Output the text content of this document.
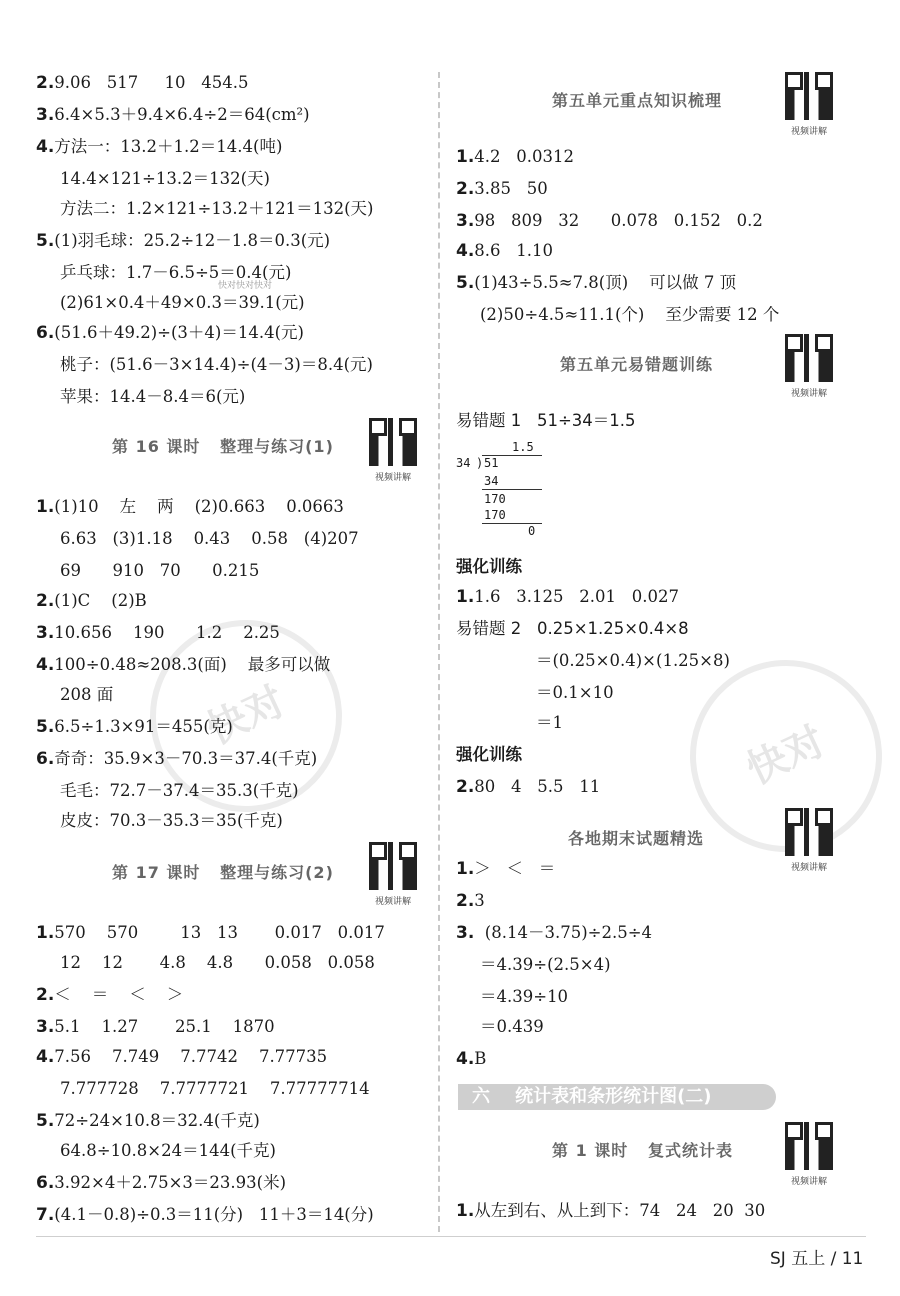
快对
快对
快对快对快对
2.9.06   517     10   454.5
3.6.4×5.3＋9.4×6.4÷2＝64(cm²)
4.方法一：13.2＋1.2＝14.4(吨)
14.4×121÷13.2＝132(天)
方法二：1.2×121÷13.2＋121＝132(天)
5.(1)羽毛球：25.2÷12－1.8＝0.3(元)
乒乓球：1.7－6.5÷5＝0.4(元)
(2)61×0.4＋49×0.3＝39.1(元)
6.(51.6＋49.2)÷(3＋4)＝14.4(元)
桃子：(51.6－3×14.4)÷(4－3)＝8.4(元)
苹果：14.4－8.4＝6(元)
第 16 课时   整理与练习(1)
视频讲解
1.(1)10    左    两    (2)0.663    0.0663
6.63   (3)1.18    0.43    0.58   (4)207
69      910   70      0.215
2.(1)C    (2)B
3.10.656    190      1.2    2.25
4.100÷0.48≈208.3(面)    最多可以做
208 面
5.6.5÷1.3×91＝455(克)
6.奇奇：35.9×3－70.3＝37.4(千克)
毛毛：72.7－37.4＝35.3(千克)
皮皮：70.3－35.3＝35(千克)
第 17 课时   整理与练习(2)
视频讲解
1.570    570        13   13       0.017   0.017
12    12       4.8    4.8      0.058   0.058
2.＜    ＝    ＜    ＞
3.5.1    1.27       25.1    1870
4.7.56    7.749    7.7742    7.77735
7.777728    7.7777721    7.77777714
5.72÷24×10.8＝32.4(千克)
64.8÷10.8×24＝144(千克)
6.3.92×4＋2.75×3＝23.93(米)
7.(4.1－0.8)÷0.3＝11(分)   11＋3＝14(分)
第五单元重点知识梳理
视频讲解
1.4.2   0.0312
2.3.85   50
3.98   809   32      0.078   0.152   0.2
4.8.6   1.10
5.(1)43÷5.5≈7.8(顶)    可以做 7 顶
(2)50÷4.5≈11.1(个)    至少需要 12 个
第五单元易错题训练
视频讲解
易错题 1   51÷34＝1.5
1.5
34 ) 51
34
170
170
0
强化训练
1.1.6   3.125   2.01   0.027
易错题 2   0.25×1.25×0.4×8
＝(0.25×0.4)×(1.25×8)
＝0.1×10
＝1
强化训练
2.80   4   5.5   11
各地期末试题精选
视频讲解
1.＞   ＜   ＝
2.3
3.  (8.14－3.75)÷2.5÷4
＝4.39÷(2.5×4)
＝4.39÷10
＝0.439
4.B
六    统计表和条形统计图(二)
第 1 课时   复式统计表
视频讲解
1.从左到右、从上到下：74   24   20  30
SJ 五上 / 11
